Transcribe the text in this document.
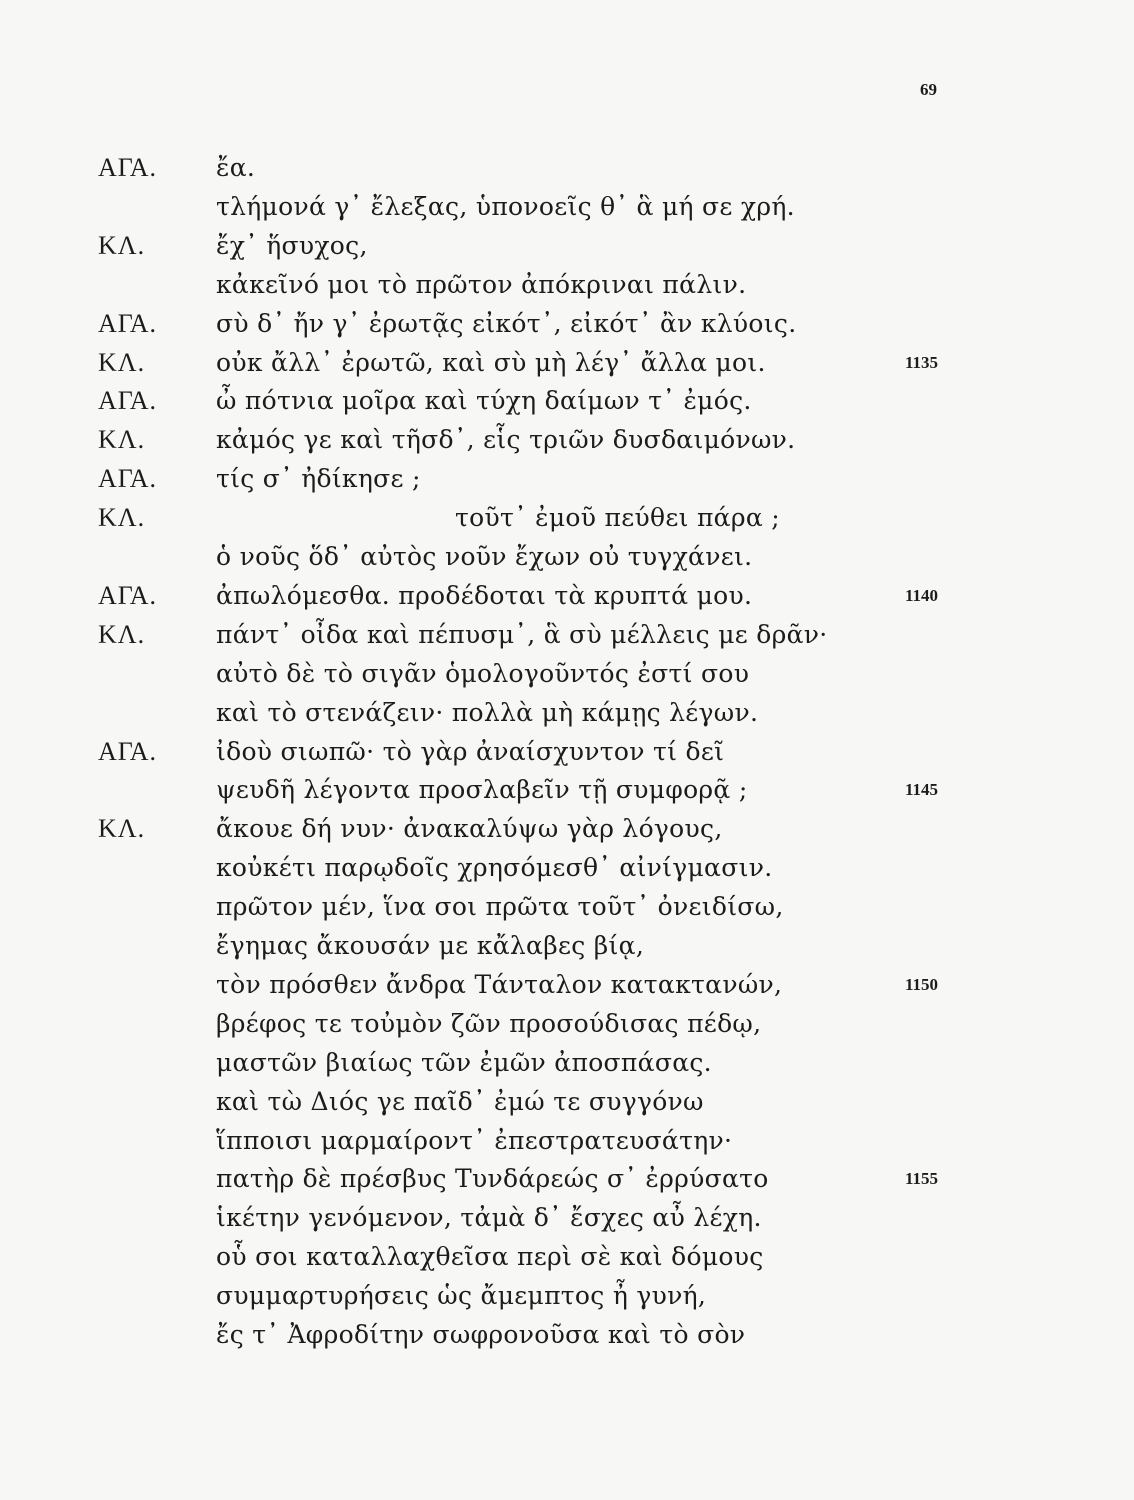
69
ΑΓΑ. ἔα.
τλήμονά γ᾽ ἔλεξας, ὑπονοεῖς θ᾽ ἃ μή σε χρή.
ΚΛ.	ἔχ᾽ ἥσυχος,
κἀκεῖνό μοι τὸ πρῶτον ἀπόκριναι πάλιν.
ΑΓΑ. σὺ δ᾽ ἤν γ᾽ ἐρωτᾷς εἰκότ᾽, εἰκότ᾽ ἂν κλύοις.
ΚΛ.	οὐκ ἄλλ᾽ ἐρωτῶ, καὶ σὺ μὴ λέγ᾽ ἄλλα μοι.	1135
ΑΓΑ. ὦ πότνια μοῖρα καὶ τύχη δαίμων τ᾽ ἐμός.
ΚΛ.	κἀμός γε καὶ τῆσδ᾽, εἷς τριῶν δυσδαιμόνων.
ΑΓΑ. τίς σ᾽ ἠδίκησε ;
ΚΛ.	τοῦτ᾽ ἐμοῦ πεύθει πάρα ;
ὁ νοῦς ὅδ᾽ αὐτὸς νοῦν ἔχων οὐ τυγχάνει.
ΑΓΑ. ἀπωλόμεσθα. προδέδοται τὰ κρυπτά μου.	1140
ΚΛ.	πάντ᾽ οἶδα καὶ πέπυσμ᾽, ἃ σὺ μέλλεις με δρᾶν·
αὐτὸ δὲ τὸ σιγᾶν ὁμολογοῦντός ἐστί σου
καὶ τὸ στενάζειν· πολλὰ μὴ κάμῃς λέγων.
ΑΓΑ. ἰδοὺ σιωπῶ· τὸ γὰρ ἀναίσχυντον τί δεῖ
ψευδῆ λέγοντα προσλαβεῖν τῇ συμφορᾷ ;	1145
ΚΛ.	ἄκουε δή νυν· ἀνακαλύψω γὰρ λόγους,
κοὐκέτι παρῳδοῖς χρησόμεσθ᾽ αἰνίγμασιν.
πρῶτον μέν, ἵνα σοι πρῶτα τοῦτ᾽ ὀνειδίσω,
ἔγημας ἄκουσάν με κἄλαβες βίᾳ,
τὸν πρόσθεν ἄνδρα Τάνταλον κατακτανών,	1150
βρέφος τε τοὐμὸν ζῶν προσούδισας πέδῳ,
μαστῶν βιαίως τῶν ἐμῶν ἀποσπάσας.
καὶ τὼ Διός γε παῖδ᾽ ἐμώ τε συγγόνω
ἵπποισι μαρμαίροντ᾽ ἐπεστρατευσάτην·
πατὴρ δὲ πρέσβυς Τυνδάρεώς σ᾽ ἐρρύσατο	1155
ἱκέτην γενόμενον, τἀμὰ δ᾽ ἔσχες αὖ λέχη.
οὗ σοι καταλλαχθεῖσα περὶ σὲ καὶ δόμους
συμμαρτυρήσεις ὡς ἄμεμπτος ἦ γυνή,
ἔς τ᾽ Ἀφροδίτην σωφρονοῦσα καὶ τὸ σὸν
